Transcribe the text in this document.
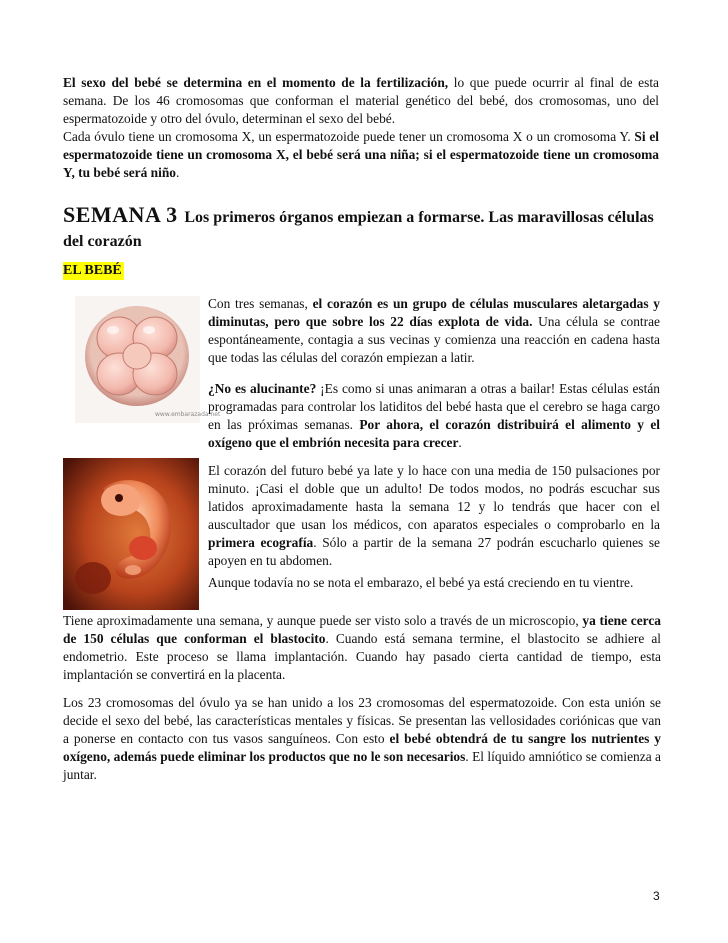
El sexo del bebé se determina en el momento de la fertilización, lo que puede ocurrir al final de esta semana. De los 46 cromosomas que conforman el material genético del bebé, dos cromosomas, uno del espermatozoide y otro del óvulo, determinan el sexo del bebé.
Cada óvulo tiene un cromosoma X, un espermatozoide puede tener un cromosoma X o un cromosoma Y. Si el espermatozoide tiene un cromosoma X, el bebé será una niña; si el espermatozoide tiene un cromosoma Y, tu bebé será niño.
SEMANA 3 Los primeros órganos empiezan a formarse. Las maravillosas células del corazón
EL BEBÉ
www.embarazada.net
Con tres semanas, el corazón es un grupo de células musculares aletargadas y diminutas, pero que sobre los 22 días explota de vida. Una célula se contrae espontáneamente, contagia a sus vecinas y comienza una reacción en cadena hasta que todas las células del corazón empiezan a latir.
¿No es alucinante? ¡Es como si unas animaran a otras a bailar! Estas células están programadas para controlar los latiditos del bebé hasta que el cerebro se haga cargo en las próximas semanas. Por ahora, el corazón distribuirá el alimento y el oxígeno que el embrión necesita para crecer.
El corazón del futuro bebé ya late y lo hace con una media de 150 pulsaciones por minuto. ¡Casi el doble que un adulto! De todos modos, no podrás escuchar sus latidos aproximadamente hasta la semana 12 y lo tendrás que hacer con el auscultador que usan los médicos, con aparatos especiales o comprobarlo en la primera ecografía. Sólo a partir de la semana 27 podrán escucharlo quienes se apoyen en tu abdomen.
Aunque todavía no se nota el embarazo, el bebé ya está creciendo en tu vientre.
Tiene aproximadamente una semana, y aunque puede ser visto solo a través de un microscopio, ya tiene cerca de 150 células que conforman el blastocito. Cuando está semana termine, el blastocito se adhiere al endometrio. Este proceso se llama implantación. Cuando hay pasado cierta cantidad de tiempo, esta implantación se convertirá en la placenta.
Los 23 cromosomas del óvulo ya se han unido a los 23 cromosomas del espermatozoide. Con esta unión se decide el sexo del bebé, las características mentales y físicas. Se presentan las vellosidades coriónicas que van a ponerse en contacto con tus vasos sanguíneos. Con esto el bebé obtendrá de tu sangre los nutrientes y oxígeno, además puede eliminar los productos que no le son necesarios. El líquido amniótico se comienza a juntar.
3
